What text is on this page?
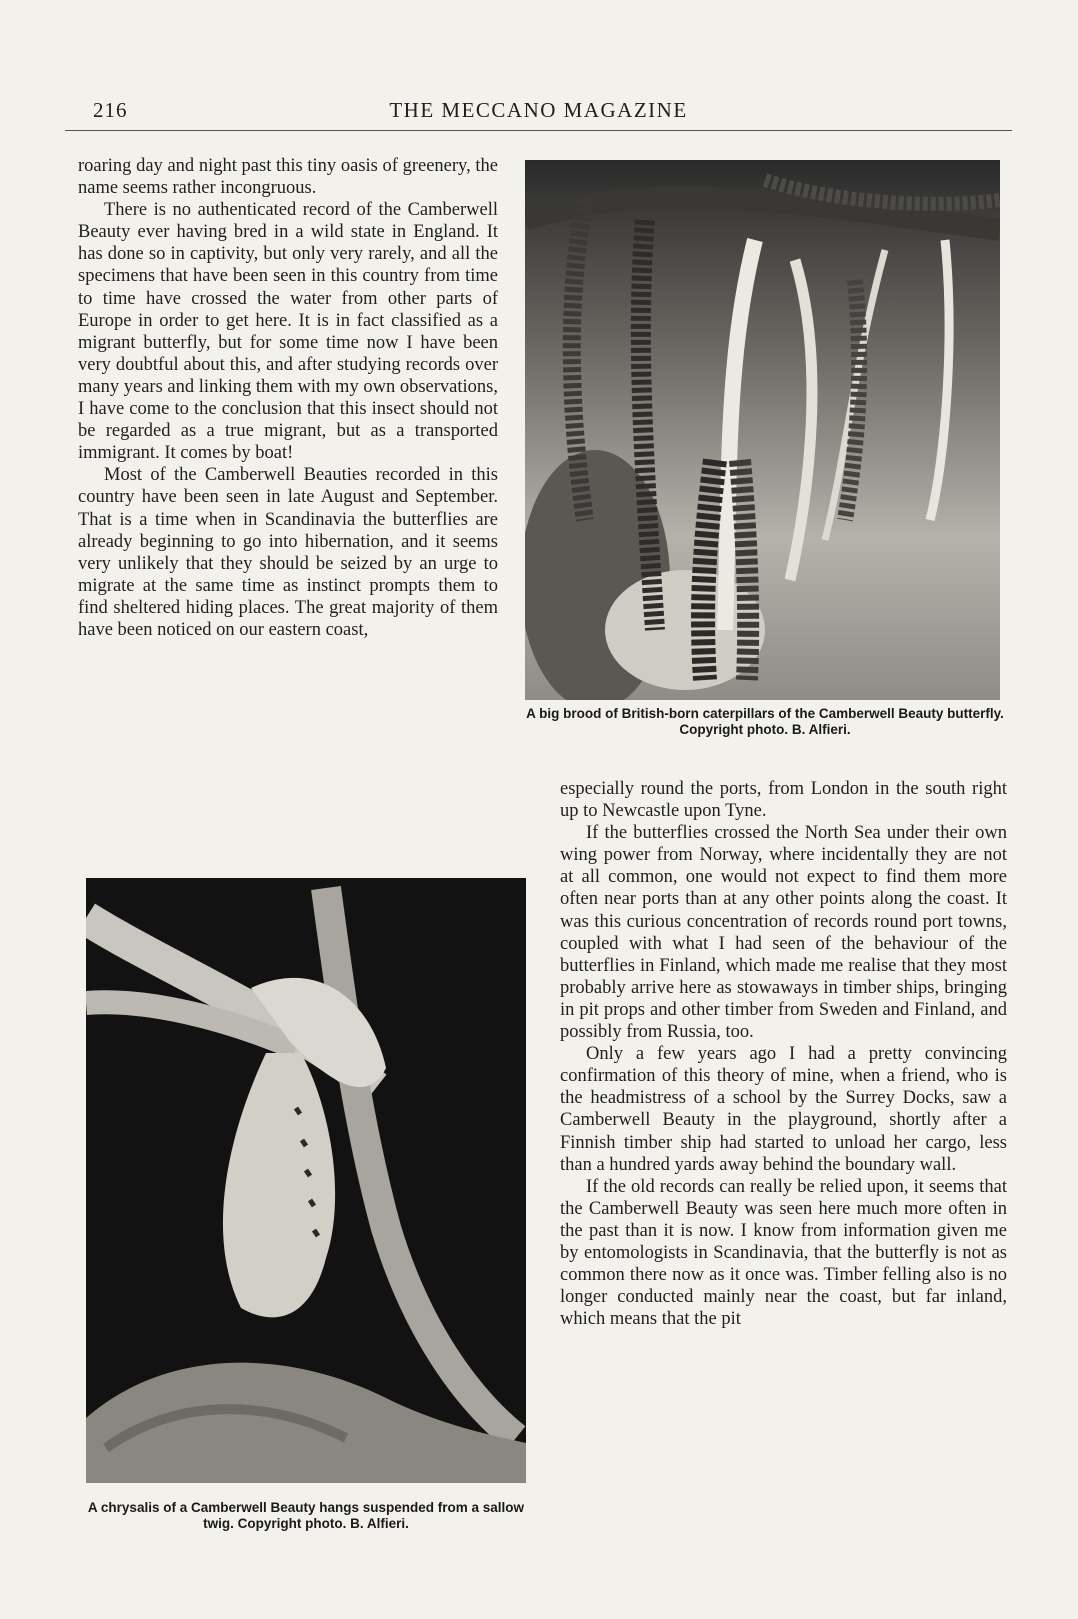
216	THE MECCANO MAGAZINE

roaring day and night past this tiny oasis of greenery, the name seems rather incongruous.

There is no authenticated record of the Camberwell Beauty ever having bred in a wild state in England. It has done so in captivity, but only very rarely, and all the specimens that have been seen in this country from time to time have crossed the water from other parts of Europe in order to get here. It is in fact classified as a migrant butterfly, but for some time now I have been very doubtful about this, and after studying records over many years and linking them with my own observations, I have come to the conclusion that this insect should not be regarded as a true migrant, but as a transported immigrant. It comes by boat!

Most of the Camberwell Beauties recorded in this country have been seen in late August and September. That is a time when in Scandinavia the butterflies are already beginning to go into hibernation, and it seems very unlikely that they should be seized by an urge to migrate at the same time as instinct prompts them to find sheltered hiding places. The great majority of them have been noticed on our eastern coast,

A big brood of British-born caterpillars of the Camberwell Beauty butterfly. Copyright photo. B. Alfieri.
A chrysalis of a Camberwell Beauty hangs suspended from a sallow twig. Copyright photo. B. Alfieri.

especially round the ports, from London in the south right up to Newcastle upon Tyne.

If the butterflies crossed the North Sea under their own wing power from Norway, where incidentally they are not at all common, one would not expect to find them more often near ports than at any other points along the coast. It was this curious concentration of records round port towns, coupled with what I had seen of the behaviour of the butterflies in Finland, which made me realise that they most probably arrive here as stowaways in timber ships, bringing in pit props and other timber from Sweden and Finland, and possibly from Russia, too.

Only a few years ago I had a pretty convincing confirmation of this theory of mine, when a friend, who is the headmistress of a school by the Surrey Docks, saw a Camberwell Beauty in the playground, shortly after a Finnish timber ship had started to unload her cargo, less than a hundred yards away behind the boundary wall.

If the old records can really be relied upon, it seems that the Camberwell Beauty was seen here much more often in the past than it is now. I know from information given me by entomologists in Scandinavia, that the butterfly is not as common there now as it once was. Timber felling also is no longer conducted mainly near the coast, but far inland, which means that the pit
